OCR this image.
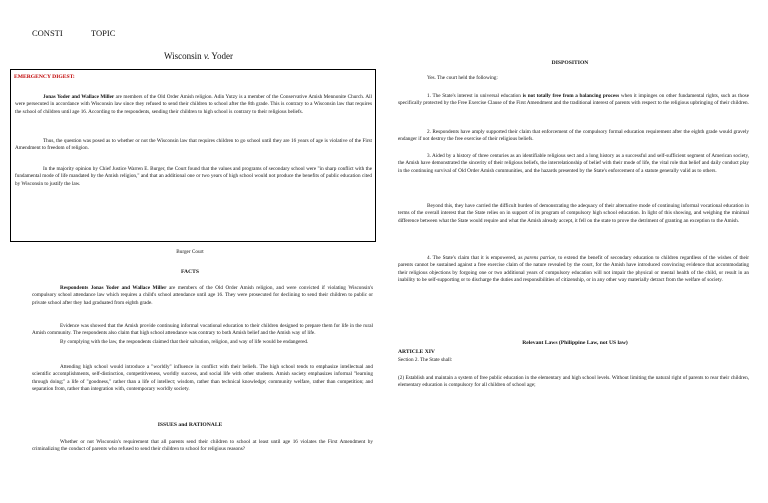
CONSTI	TOPIC
Wisconsin v. Yoder
EMERGENCY DIGEST:
Jonas Yoder and Wallace Miller are members of the Old Order Amish religion. Adin Yutzy is a member of the Conservative Amish Mennonite Church. All were persecuted in accordance with Wisconsin law since they refused to send their children to school after the 8th grade. This is contrary to a Wisconsin law that requires the school of children until age 16. According to the respondents, sending their children to high school is contrary to their religious beliefs.
Thus, the question was posed as to whether or not the Wisconsin law that requires children to go school until they are 16 years of age is violative of the First Amendment to freedom of religion.
In the majority opinion by Chief Justice Warren E. Burger, the Court found that the values and programs of secondary school were "in sharp conflict with the fundamental mode of life mandated by the Amish religion," and that an additional one or two years of high school would not produce the benefits of public education cited by Wisconsin to justify the law.
Burger Court
FACTS
Respondents Jonas Yoder and Wallace Miller are members of the Old Order Amish religion, and were convicted if violating Wisconsin's compulsory school attendance law which requires a child's school attendance until age 16. They were prosecuted for declining to send their children to public or private school after they had graduated from eighth grade.
Evidence was showed that the Amish provide continuing informal vocational education to their children designed to prepare them for life in the rural Amish community. The respondents also claim that high school attendance was contrary to both Amish belief and the Amish way of life.
By complying with the law, the respondents claimed that their salvation, religion, and way of life would be endangered.
Attending high school would introduce a "worldly" influence in conflict with their beliefs. The high school tends to emphasize intellectual and scientific accomplishments, self-distinction, competitiveness, worldly success, and social life with other students. Amish society emphasizes informal "learning through doing;" a life of "goodness," rather than a life of intellect; wisdom, rather than technical knowledge; community welfare, rather than competition; and separation from, rather than integration with, contemporary worldly society.
ISSUES and RATIONALE
Whether or not Wisconsin's requirement that all parents send their children to school at least until age 16 violates the First Amendment by criminalizing the conduct of parents who refused to send their children to school for religious reasons?
DISPOSITION
Yes. The court held the following:
1. The State's interest in universal education is not totally free from a balancing process when it impinges on other fundamental rights, such as those specifically protected by the Free Exercise Clause of the First Amendment and the traditional interest of parents with respect to the religious upbringing of their children.
2. Respondents have amply supported their claim that enforcement of the compulsory formal education requirement after the eighth grade would gravely endanger if not destroy the free exercise of their religious beliefs.
3. Aided by a history of three centuries as an identifiable religious sect and a long history as a successful and self-sufficient segment of American society, the Amish have demonstrated the sincerity of their religious beliefs, the interrelationship of belief with their mode of life, the vital role that belief and daily conduct play in the continuing survival of Old Order Amish communities, and the hazards presented by the State's enforcement of a statute generally valid as to others.
Beyond this, they have carried the difficult burden of demonstrating the adequacy of their alternative mode of continuing informal vocational education in terms of the overall interest that the State relies on in support of its program of compulsory high school education. In light of this showing, and weighing the minimal difference between what the State would require and what the Amish already accept, it fell on the state to prove the detriment of granting an exception to the Amish.
4. The State's claim that it is empowered, as parens patriae, to extend the benefit of secondary education to children regardless of the wishes of their parents cannot be sustained against a free exercise claim of the nature revealed by the court, for the Amish have introduced convincing evidence that accommodating their religious objections by forgoing one or two additional years of compulsory education will not impair the physical or mental health of the child, or result in an inability to be self-supporting or to discharge the duties and responsibilities of citizenship, or in any other way materially detract from the welfare of society.
Relevant Laws (Philippine Law, not US law)
ARTICLE XIV
Section 2. The State shall:
(2) Establish and maintain a system of free public education in the elementary and high school levels. Without limiting the natural right of parents to rear their children, elementary education is compulsory for all children of school age;
